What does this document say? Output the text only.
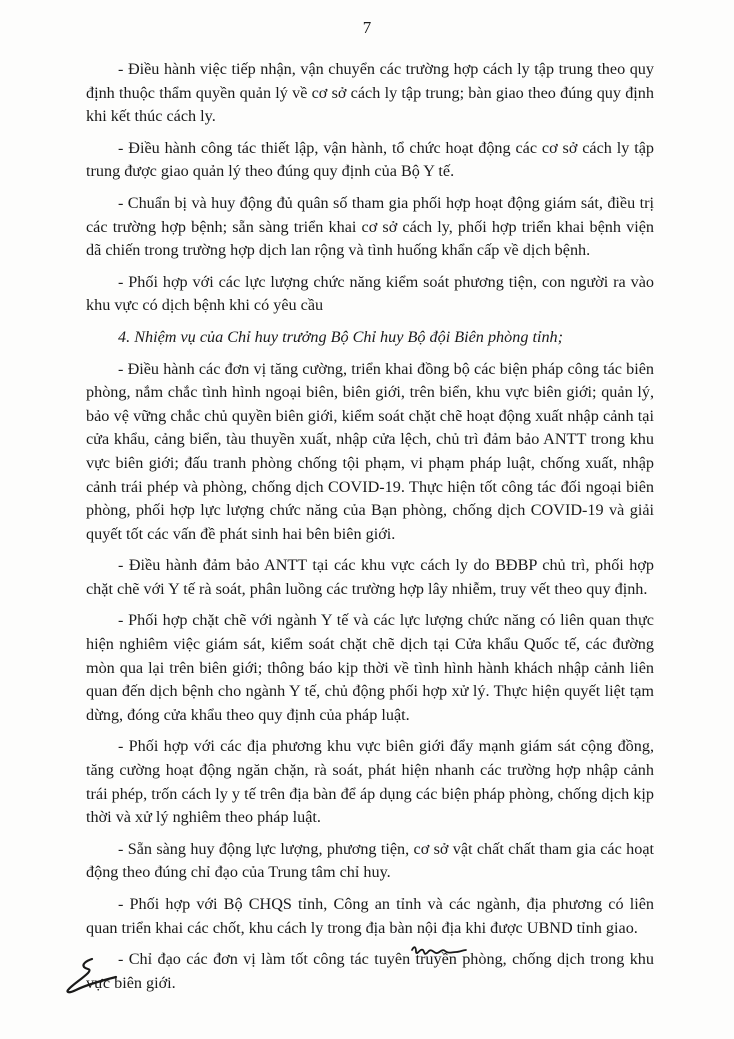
7

- Điều hành việc tiếp nhận, vận chuyển các trường hợp cách ly tập trung theo quy định thuộc thẩm quyền quản lý về cơ sở cách ly tập trung; bàn giao theo đúng quy định khi kết thúc cách ly.

- Điều hành công tác thiết lập, vận hành, tổ chức hoạt động các cơ sở cách ly tập trung được giao quản lý theo đúng quy định của Bộ Y tế.

- Chuẩn bị và huy động đủ quân số tham gia phối hợp hoạt động giám sát, điều trị các trường hợp bệnh; sẵn sàng triển khai cơ sở cách ly, phối hợp triển khai bệnh viện dã chiến trong trường hợp dịch lan rộng và tình huống khẩn cấp về dịch bệnh.

- Phối hợp với các lực lượng chức năng kiểm soát phương tiện, con người ra vào khu vực có dịch bệnh khi có yêu cầu

4. Nhiệm vụ của Chỉ huy trưởng Bộ Chỉ huy Bộ đội Biên phòng tỉnh;

- Điều hành các đơn vị tăng cường, triển khai đồng bộ các biện pháp công tác biên phòng, nắm chắc tình hình ngoại biên, biên giới, trên biển, khu vực biên giới; quản lý, bảo vệ vững chắc chủ quyền biên giới, kiểm soát chặt chẽ hoạt động xuất nhập cảnh tại cửa khẩu, cảng biển, tàu thuyền xuất, nhập cửa lệch, chủ trì đảm bảo ANTT trong khu vực biên giới; đấu tranh phòng chống tội phạm, vi phạm pháp luật, chống xuất, nhập cảnh trái phép và phòng, chống dịch COVID-19. Thực hiện tốt công tác đối ngoại biên phòng, phối hợp lực lượng chức năng của Bạn phòng, chống dịch COVID-19 và giải quyết tốt các vấn đề phát sinh hai bên biên giới.

- Điều hành đảm bảo ANTT tại các khu vực cách ly do BĐBP chủ trì, phối hợp chặt chẽ với Y tế rà soát, phân luồng các trường hợp lây nhiễm, truy vết theo quy định.

- Phối hợp chặt chẽ với ngành Y tế và các lực lượng chức năng có liên quan thực hiện nghiêm việc giám sát, kiểm soát chặt chẽ dịch tại Cửa khẩu Quốc tế, các đường mòn qua lại trên biên giới; thông báo kịp thời về tình hình hành khách nhập cảnh liên quan đến dịch bệnh cho ngành Y tế, chủ động phối hợp xử lý. Thực hiện quyết liệt tạm dừng, đóng cửa khẩu theo quy định của pháp luật.

- Phối hợp với các địa phương khu vực biên giới đẩy mạnh giám sát cộng đồng, tăng cường hoạt động ngăn chặn, rà soát, phát hiện nhanh các trường hợp nhập cảnh trái phép, trốn cách ly y tế trên địa bàn để áp dụng các biện pháp phòng, chống dịch kịp thời và xử lý nghiêm theo pháp luật.

- Sẵn sàng huy động lực lượng, phương tiện, cơ sở vật chất chất tham gia các hoạt động theo đúng chỉ đạo của Trung tâm chỉ huy.

- Phối hợp với Bộ CHQS tỉnh, Công an tỉnh và các ngành, địa phương có liên quan triển khai các chốt, khu cách ly trong địa bàn nội địa khi được UBND tỉnh giao.

- Chỉ đạo các đơn vị làm tốt công tác tuyên truyền phòng, chống dịch trong khu vực biên giới.
